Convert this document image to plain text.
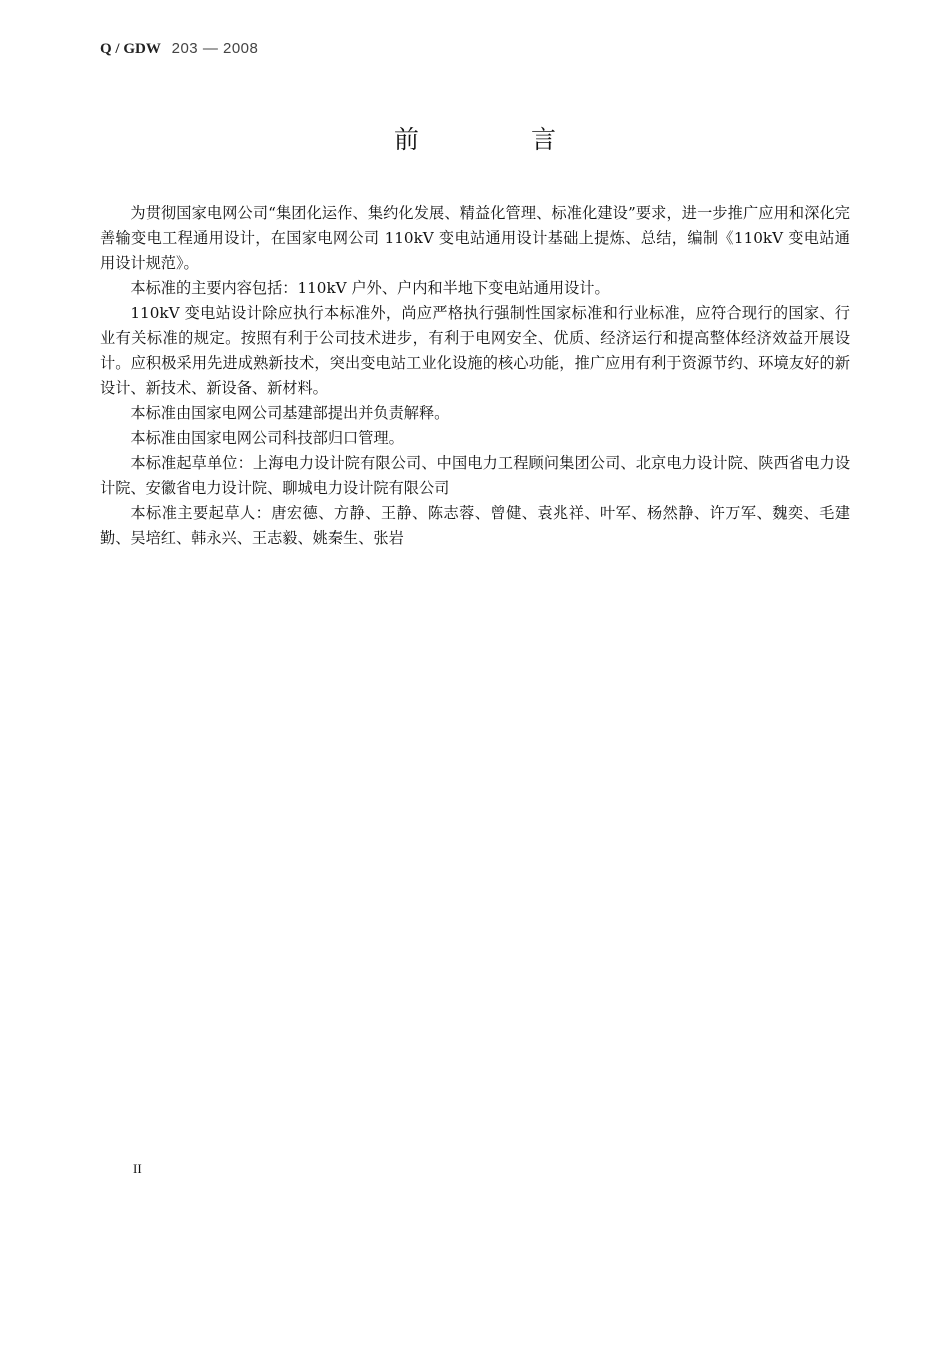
Q / GDW 203 — 2008
前 言

为贯彻国家电网公司“集团化运作、集约化发展、精益化管理、标准化建设”要求，进一步推广应用和深化完善输变电工程通用设计，在国家电网公司 110kV 变电站通用设计基础上提炼、总结，编制《110kV 变电站通用设计规范》。

本标准的主要内容包括：110kV 户外、户内和半地下变电站通用设计。

110kV 变电站设计除应执行本标准外，尚应严格执行强制性国家标准和行业标准，应符合现行的国家、行业有关标准的规定。按照有利于公司技术进步，有利于电网安全、优质、经济运行和提高整体经济效益开展设计。应积极采用先进成熟新技术，突出变电站工业化设施的核心功能，推广应用有利于资源节约、环境友好的新设计、新技术、新设备、新材料。

本标准由国家电网公司基建部提出并负责解释。

本标准由国家电网公司科技部归口管理。

本标准起草单位：上海电力设计院有限公司、中国电力工程顾问集团公司、北京电力设计院、陕西省电力设计院、安徽省电力设计院、聊城电力设计院有限公司

本标准主要起草人：唐宏德、方静、王静、陈志蓉、曾健、袁兆祥、叶军、杨然静、许万军、魏奕、毛建勤、吴培红、韩永兴、王志毅、姚秦生、张岩

II
